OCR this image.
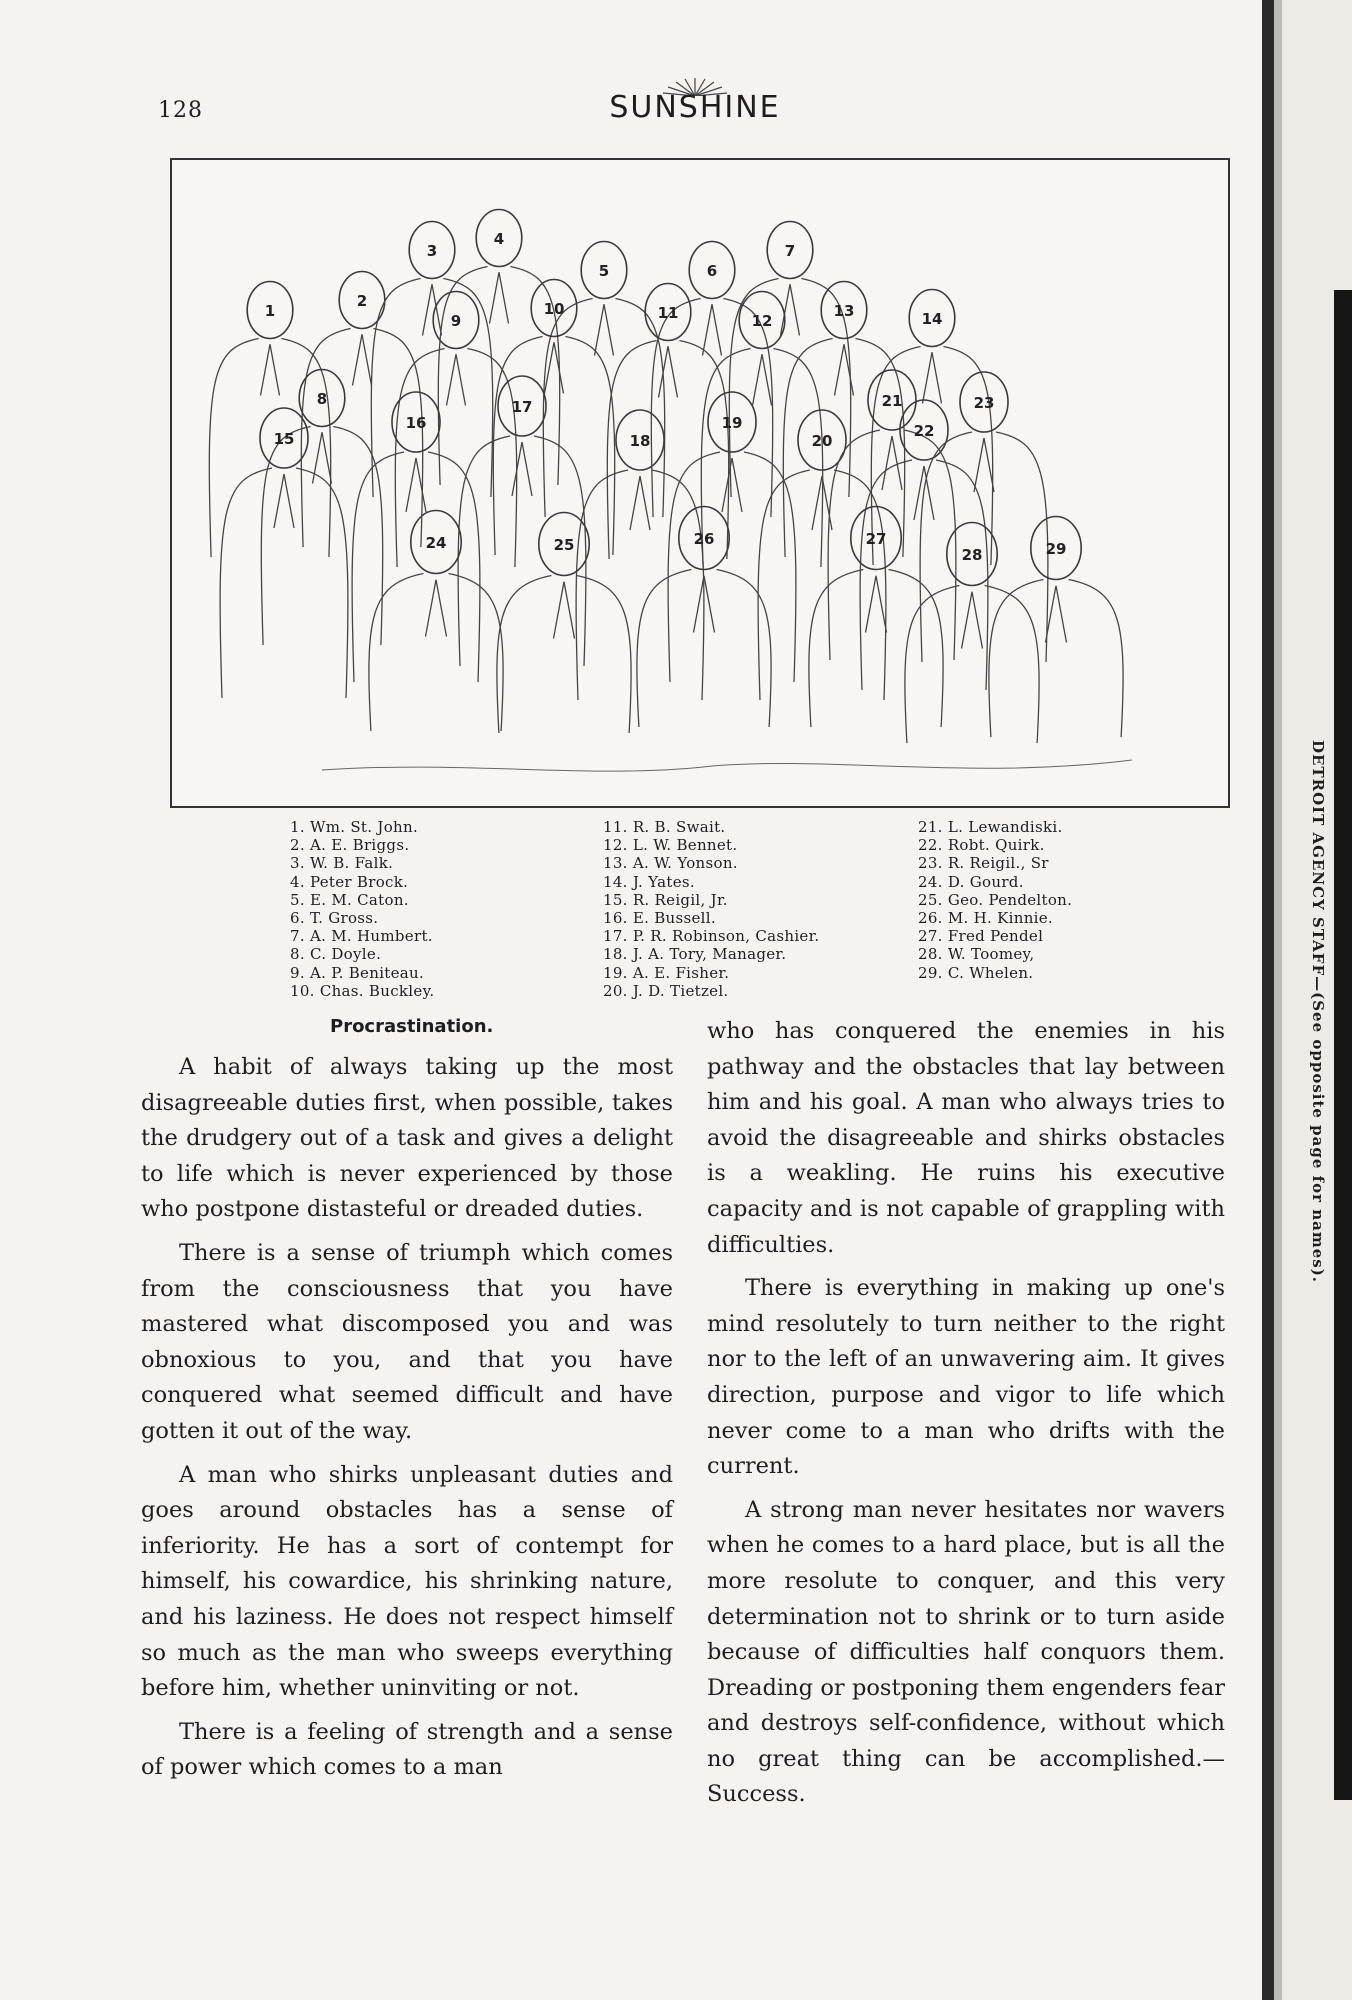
128	SUNSHINE
1
2
3
4
5	6
7
8
9
10	11	12
13	14
15
16
17
18
19
20
21
22
23
24	25	26	27
28	29
1. Wm. St. John.
2. A. E. Briggs.
3. W. B. Falk.
4. Peter Brock.
5. E. M. Caton.
6. T. Gross.
7. A. M. Humbert.
8. C. Doyle.
9. A. P. Beniteau.
10. Chas. Buckley.
11. R. B. Swait.
12. L. W. Bennet.
13. A. W. Yonson.
14. J. Yates.
15. R. Reigil, Jr.
16. E. Bussell.
17. P. R. Robinson, Cashier.
18. J. A. Tory, Manager.
19. A. E. Fisher.
20. J. D. Tietzel.
21. L. Lewandiski.
22. Robt. Quirk.
23. R. Reigil., Sr
24. D. Gourd.
25. Geo. Pendelton.
26. M. H. Kinnie.
27. Fred Pendel
28. W. Toomey,
29. C. Whelen.
Procrastination.

A habit of always taking up the most disagreeable duties first, when possible, takes the drudgery out of a task and gives a delight to life which is never experienced by those who postpone distasteful or dreaded duties.

There is a sense of triumph which comes from the consciousness that you have mastered what discomposed you and was obnoxious to you, and that you have conquered what seemed difficult and have gotten it out of the way.

A man who shirks unpleasant duties and goes around obstacles has a sense of inferiority. He has a sort of contempt for himself, his cowardice, his shrinking nature, and his laziness. He does not respect himself so much as the man who sweeps everything before him, whether uninviting or not.

There is a feeling of strength and a sense of power which comes to a man

who has conquered the enemies in his pathway and the obstacles that lay between him and his goal. A man who always tries to avoid the disagreeable and shirks obstacles is a weakling. He ruins his executive capacity and is not capable of grappling with difficulties.

There is everything in making up one's mind resolutely to turn neither to the right nor to the left of an unwavering aim. It gives direction, purpose and vigor to life which never come to a man who drifts with the current.

A strong man never hesitates nor wavers when he comes to a hard place, but is all the more resolute to conquer, and this very determination not to shrink or to turn aside because of difficulties half conquors them. Dreading or postponing them engenders fear and destroys self-confidence, without which no great thing can be accomplished.—Success.

DETROIT AGENCY STAFF—(See opposite page for names).
